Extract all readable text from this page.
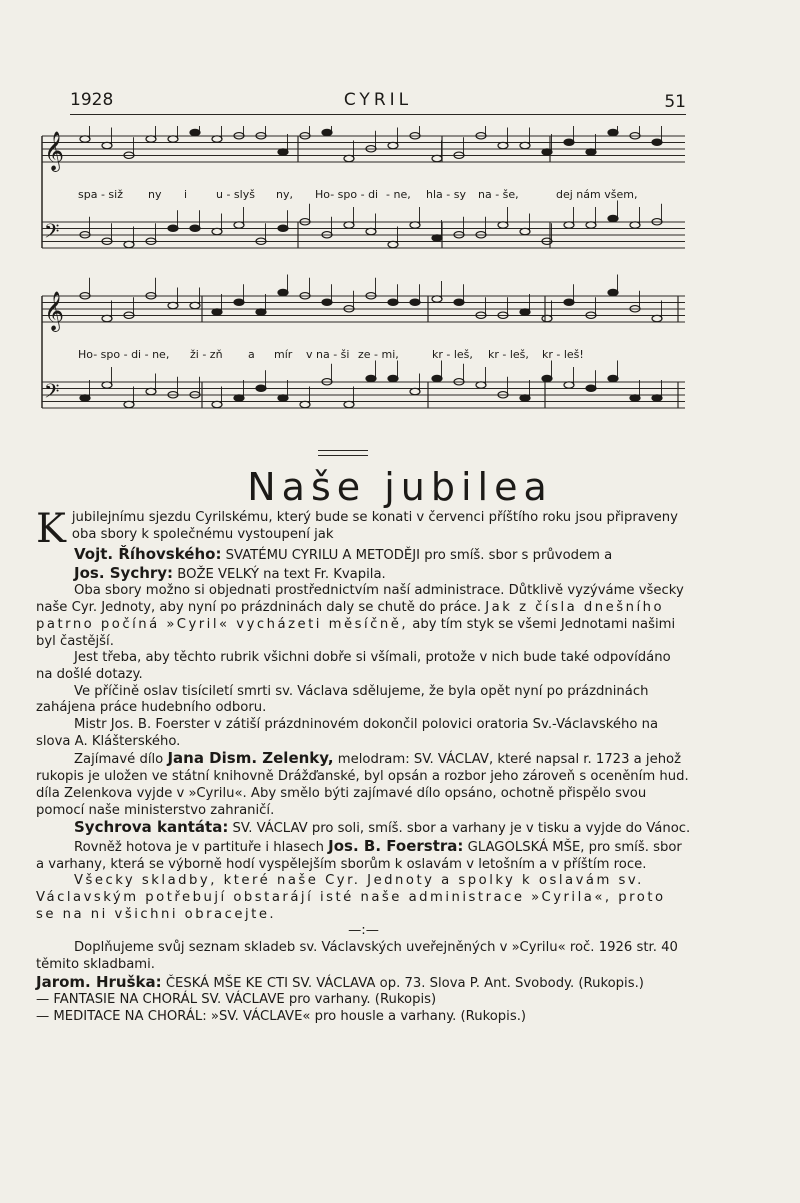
1928	CYRIL	51
𝄞
𝄢
𝄞
𝄢
spa - siž ny i	u - slyš ny, Ho- spo - di - ne, hla - sy na - še,	dej nám všem,
Ho- spo - di - ne, ži - zň a mír v na - ši ze - mi,	kr - leš, kr - leš, kr - leš!
Naše jubilea

Kjubilejnímu sjezdu Cyrilskému, který bude se konati v červenci příštího roku jsou připraveny oba sbory k společnému vystoupení jak

Vojt. Říhovského: SVATÉMU CYRILU A METODĚJI pro smíš. sbor s průvodem a

Jos. Sychry: BOŽE VELKÝ na text Fr. Kvapila.

Oba sbory možno si objednati prostřednictvím naší administrace. Důtklivě vyzýváme všecky naše Cyr. Jednoty, aby nyní po prázdninách daly se chutě do práce. Jak z čísla dnešního patrno počíná »Cyril« vycházeti měsíčně, aby tím styk se všemi Jednotami našimi byl častější.

Jest třeba, aby těchto rubrik všichni dobře si všímali, protože v nich bude také odpovídáno na došlé dotazy.

Ve příčině oslav tisíciletí smrti sv. Václava sdělujeme, že byla opět nyní po prázdninách zahájena práce hudebního odboru.

Mistr Jos. B. Foerster v zátiší prázdninovém dokončil polovici oratoria Sv.-Václavského na slova A. Klášterského.

Zajímavé dílo Jana Dism. Zelenky, melodram: SV. VÁCLAV, které napsal r. 1723 a jehož rukopis je uložen ve státní knihovně Drážďanské, byl opsán a rozbor jeho zároveň s oceněním hud. díla Zelenkova vyjde v »Cyrilu«. Aby smělo býti zajímavé dílo opsáno, ochotně přispělo svou pomocí naše ministerstvo zahraničí.

Sychrova kantáta: SV. VÁCLAV pro soli, smíš. sbor a varhany je v tisku a vyjde do Vánoc.

Rovněž hotova je v partituře i hlasech Jos. B. Foerstra: GLAGOLSKÁ MŠE, pro smíš. sbor a varhany, která se výborně hodí vyspělejším sborům k oslavám v letošním a v příštím roce.

Všecky skladby, které naše Cyr. Jednoty a spolky k oslavám sv. Václavským potřebují obstarájí isté naše administrace »Cyrila«, proto se na ni všichni obracejte.

—:—

Doplňujeme svůj seznam skladeb sv. Václavských uveřejněných v »Cyrilu« roč. 1926 str. 40 těmito skladbami.

Jarom. Hruška: ČESKÁ MŠE KE CTI SV. VÁCLAVA op. 73. Slova P. Ant. Svobody. (Rukopis.)

— FANTASIE NA CHORÁL SV. VÁCLAVE pro varhany. (Rukopis)

— MEDITACE NA CHORÁL: »SV. VÁCLAVE« pro housle a varhany. (Rukopis.)
